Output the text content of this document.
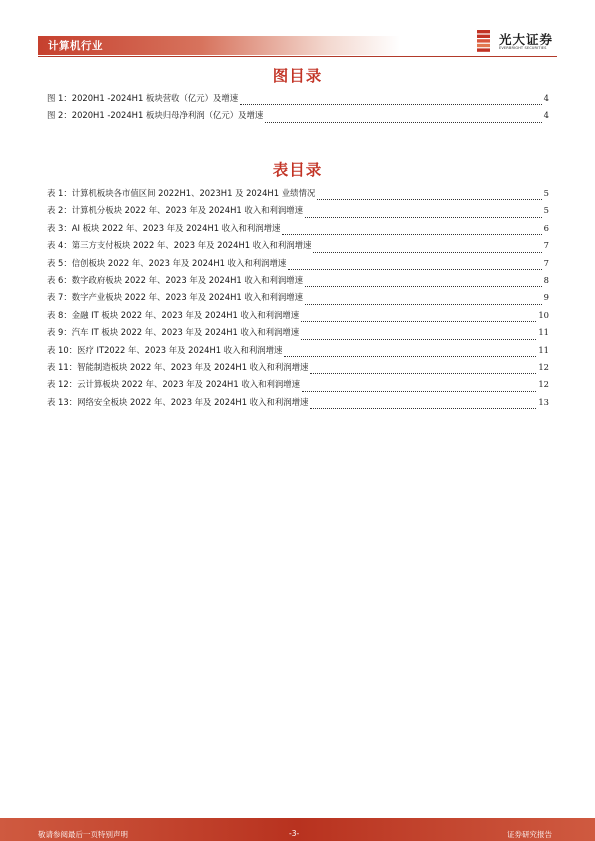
计算机行业	光大证券
EVERBRIGHT SECURITIES
图目录
图 1：2020H1 -2024H1 板块营收（亿元）及增速	4
图 2：2020H1 -2024H1 板块归母净利润（亿元）及增速	4
表目录
表 1：计算机板块各市值区间 2022H1、2023H1 及 2024H1 业绩情况	5
表 2：计算机分板块 2022 年、2023 年及 2024H1 收入和利润增速	5
表 3：AI 板块 2022 年、2023 年及 2024H1 收入和利润增速	6
表 4：第三方支付板块 2022 年、2023 年及 2024H1 收入和利润增速	7
表 5：信创板块 2022 年、2023 年及 2024H1 收入和利润增速	7
表 6：数字政府板块 2022 年、2023 年及 2024H1 收入和利润增速	8
表 7：数字产业板块 2022 年、2023 年及 2024H1 收入和利润增速	9
表 8：金融 IT 板块 2022 年、2023 年及 2024H1 收入和利润增速	10
表 9：汽车 IT 板块 2022 年、2023 年及 2024H1 收入和利润增速	11
表 10：医疗 IT2022 年、2023 年及 2024H1 收入和利润增速	11
表 11：智能制造板块 2022 年、2023 年及 2024H1 收入和利润增速	12
表 12：云计算板块 2022 年、2023 年及 2024H1 收入和利润增速	12
表 13：网络安全板块 2022 年、2023 年及 2024H1 收入和利润增速	13
敬请参阅最后一页特别声明	-3-	证券研究报告
